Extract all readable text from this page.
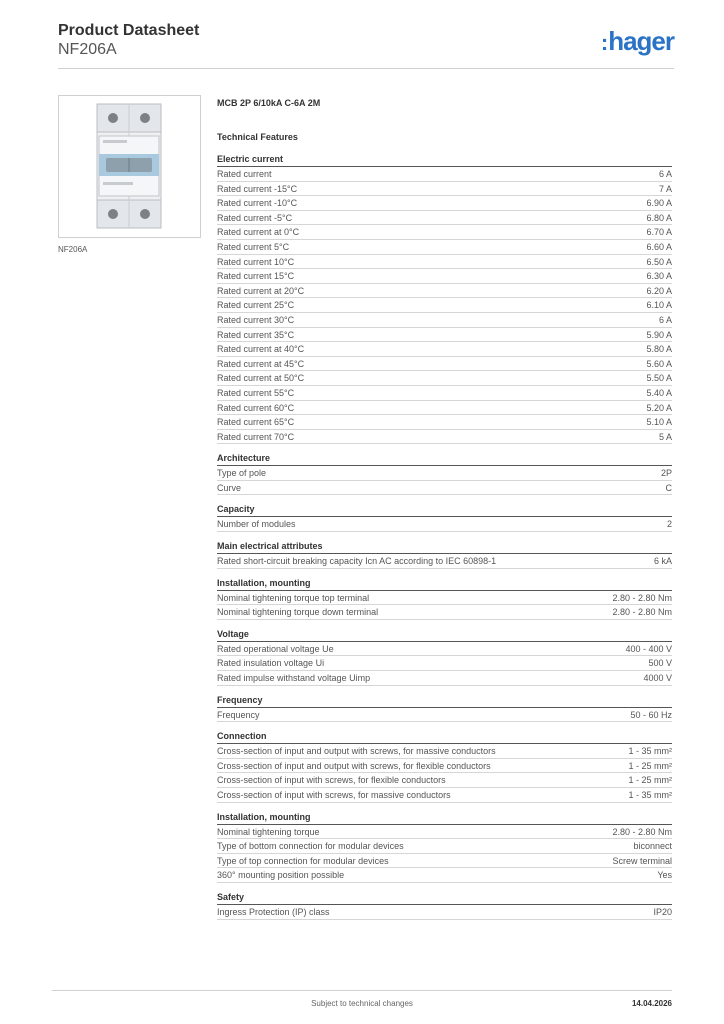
Product Datasheet
NF206A	:hager
NF206A
MCB 2P 6/10kA C-6A 2M
Technical Features
Electric current
Rated current	6 A
Rated current -15°C	7 A
Rated current -10°C	6.90 A
Rated current -5°C	6.80 A
Rated current at 0°C	6.70 A
Rated current 5°C	6.60 A
Rated current 10°C	6.50 A
Rated current 15°C	6.30 A
Rated current at 20°C	6.20 A
Rated current 25°C	6.10 A
Rated current 30°C	6 A
Rated current 35°C	5.90 A
Rated current at 40°C	5.80 A
Rated current at 45°C	5.60 A
Rated current at 50°C	5.50 A
Rated current 55°C	5.40 A
Rated current 60°C	5.20 A
Rated current 65°C	5.10 A
Rated current 70°C	5 A
Architecture
Type of pole	2P
Curve	C
Capacity
Number of modules	2
Main electrical attributes
Rated short-circuit breaking capacity Icn AC according to IEC 60898-1	6 kA
Installation, mounting
Nominal tightening torque top terminal	2.80 - 2.80 Nm
Nominal tightening torque down terminal	2.80 - 2.80 Nm
Voltage
Rated operational voltage Ue	400 - 400 V
Rated insulation voltage Ui	500 V
Rated impulse withstand voltage Uimp	4000 V
Frequency
Frequency	50 - 60 Hz
Connection
Cross-section of input and output with screws, for massive conductors	1 - 35 mm²
Cross-section of input and output with screws, for flexible conductors	1 - 25 mm²
Cross-section of input with screws, for flexible conductors	1 - 25 mm²
Cross-section of input with screws, for massive conductors	1 - 35 mm²
Installation, mounting
Nominal tightening torque	2.80 - 2.80 Nm
Type of bottom connection for modular devices	biconnect
Type of top connection for modular devices	Screw terminal
360° mounting position possible	Yes
Safety
Ingress Protection (IP) class	IP20
Subject to technical changes	14.04.2026
